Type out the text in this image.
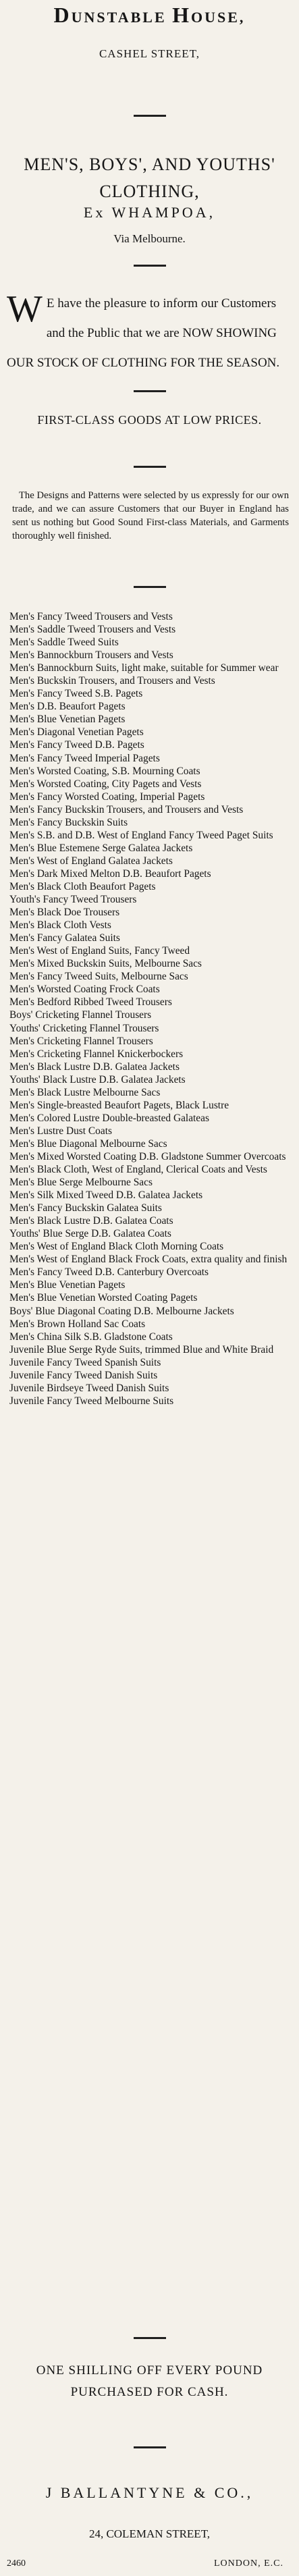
DUNSTABLE HOUSE,
CASHEL STREET,
MEN'S, BOYS', AND YOUTHS'
CLOTHING,
Ex WHAMPOA,
Via Melbourne.
W E have the pleasure to inform our Customers and the Public that we are NOW SHOWING OUR STOCK OF CLOTHING FOR THE SEASON.
FIRST-CLASS GOODS AT LOW PRICES.
The Designs and Patterns were selected by us expressly for our own trade, and we can assure Customers that our Buyer in England has sent us nothing but Good Sound First-class Materials, and Garments thoroughly well finished.
Men's Fancy Tweed Trousers and Vests
Men's Saddle Tweed Trousers and Vests
Men's Saddle Tweed Suits
Men's Bannockburn Trousers and Vests
Men's Bannockburn Suits, light make, suitable for Summer wear
Men's Buckskin Trousers, and Trousers and Vests
Men's Fancy Tweed S.B. Pagets
Men's D.B. Beaufort Pagets
Men's Blue Venetian Pagets
Men's Diagonal Venetian Pagets
Men's Fancy Tweed D.B. Pagets
Men's Fancy Tweed Imperial Pagets
Men's Worsted Coating, S.B. Mourning Coats
Men's Worsted Coating, City Pagets and Vests
Men's Fancy Worsted Coating, Imperial Pagets
Men's Fancy Buckskin Trousers, and Trousers and Vests
Men's Fancy Buckskin Suits
Men's S.B. and D.B. West of England Fancy Tweed Paget Suits
Men's Blue Estemene Serge Galatea Jackets
Men's West of England Galatea Jackets
Men's Dark Mixed Melton D.B. Beaufort Pagets
Men's Black Cloth Beaufort Pagets
Youth's Fancy Tweed Trousers
Men's Black Doe Trousers
Men's Black Cloth Vests
Men's Fancy Galatea Suits
Men's West of England Suits, Fancy Tweed
Men's Mixed Buckskin Suits, Melbourne Sacs
Men's Fancy Tweed Suits, Melbourne Sacs
Men's Worsted Coating Frock Coats
Men's Bedford Ribbed Tweed Trousers
Boys' Cricketing Flannel Trousers
Youths' Cricketing Flannel Trousers
Men's Cricketing Flannel Trousers
Men's Cricketing Flannel Knickerbockers
Men's Black Lustre D.B. Galatea Jackets
Youths' Black Lustre D.B. Galatea Jackets
Men's Black Lustre Melbourne Sacs
Men's Single-breasted Beaufort Pagets, Black Lustre
Men's Colored Lustre Double-breasted Galateas
Men's Lustre Dust Coats
Men's Blue Diagonal Melbourne Sacs
Men's Mixed Worsted Coating D.B. Gladstone Summer Overcoats
Men's Black Cloth, West of England, Clerical Coats and Vests
Men's Blue Serge Melbourne Sacs
Men's Silk Mixed Tweed D.B. Galatea Jackets
Men's Fancy Buckskin Galatea Suits
Men's Black Lustre D.B. Galatea Coats
Youths' Blue Serge D.B. Galatea Coats
Men's West of England Black Cloth Morning Coats
Men's West of England Black Frock Coats, extra quality and finish
Men's Fancy Tweed D.B. Canterbury Overcoats
Men's Blue Venetian Pagets
Men's Blue Venetian Worsted Coating Pagets
Boys' Blue Diagonal Coating D.B. Melbourne Jackets
Men's Brown Holland Sac Coats
Men's China Silk S.B. Gladstone Coats
Juvenile Blue Serge Ryde Suits, trimmed Blue and White Braid
Juvenile Fancy Tweed Spanish Suits
Juvenile Fancy Tweed Danish Suits
Juvenile Birdseye Tweed Danish Suits
Juvenile Fancy Tweed Melbourne Suits
ONE SHILLING OFF EVERY POUND
PURCHASED FOR CASH.
J BALLANTYNE & CO.,
24, COLEMAN STREET,
2460	LONDON, E.C.
